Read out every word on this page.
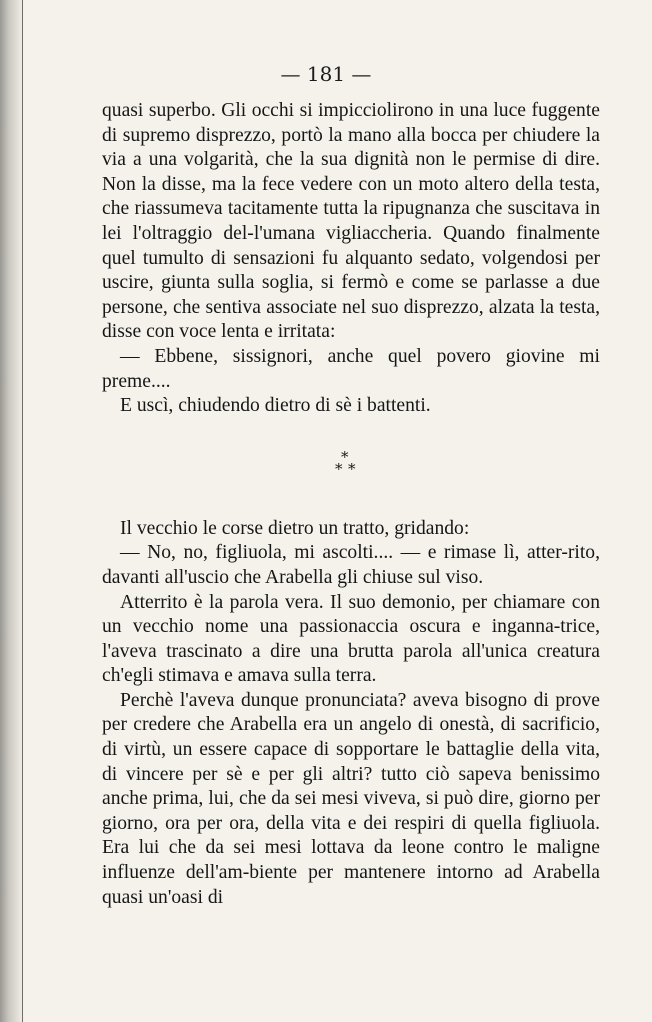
— 181 —

quasi superbo. Gli occhi si impicciolirono in una luce fuggente di supremo disprezzo, portò la mano alla bocca per chiudere la via a una volgarità, che la sua dignità non le permise di dire. Non la disse, ma la fece vedere con un moto altero della testa, che riassumeva tacitamente tutta la ripugnanza che suscitava in lei l'oltraggio del-l'umana vigliaccheria. Quando finalmente quel tumulto di sensazioni fu alquanto sedato, volgendosi per uscire, giunta sulla soglia, si fermò e come se parlasse a due persone, che sentiva associate nel suo disprezzo, alzata la testa, disse con voce lenta e irritata:

— Ebbene, sissignori, anche quel povero giovine mi preme....

E uscì, chiudendo dietro di sè i battenti.

*
* *

Il vecchio le corse dietro un tratto, gridando:

— No, no, figliuola, mi ascolti.... — e rimase lì, atter-rito, davanti all'uscio che Arabella gli chiuse sul viso.

Atterrito è la parola vera. Il suo demonio, per chiamare con un vecchio nome una passionaccia oscura e inganna-trice, l'aveva trascinato a dire una brutta parola all'unica creatura ch'egli stimava e amava sulla terra.

Perchè l'aveva dunque pronunciata? aveva bisogno di prove per credere che Arabella era un angelo di onestà, di sacrificio, di virtù, un essere capace di sopportare le battaglie della vita, di vincere per sè e per gli altri? tutto ciò sapeva benissimo anche prima, lui, che da sei mesi viveva, si può dire, giorno per giorno, ora per ora, della vita e dei respiri di quella figliuola. Era lui che da sei mesi lottava da leone contro le maligne influenze dell'am-biente per mantenere intorno ad Arabella quasi un'oasi di
